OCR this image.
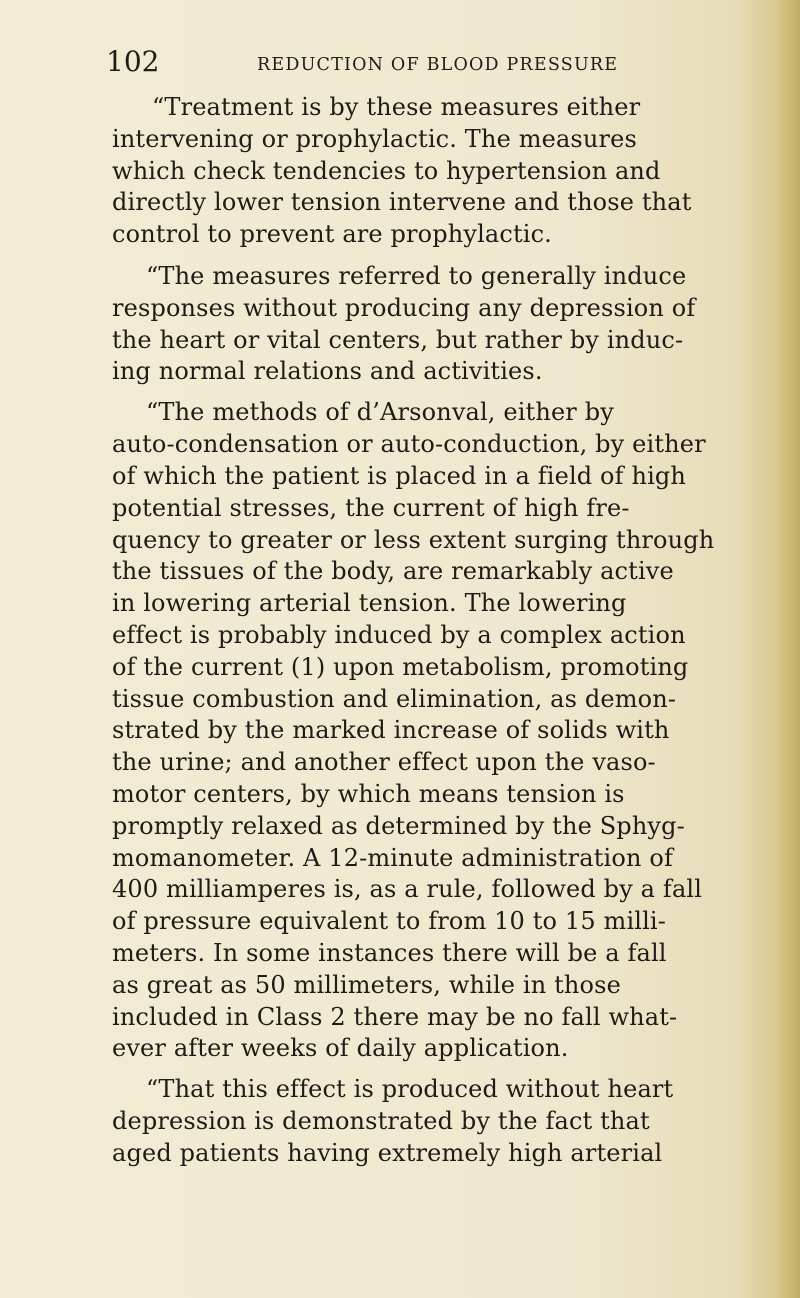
102	REDUCTION OF BLOOD PRESSURE
“Treatment is by these measures either
intervening or prophylactic. The measures
which check tendencies to hypertension and
directly lower tension intervene and those that
control to prevent are prophylactic.
“The measures referred to generally induce
responses without producing any depression of
the heart or vital centers, but rather by induc-
ing normal relations and activities.
“The methods of d’Arsonval, either by
auto-condensation or auto-conduction, by either
of which the patient is placed in a field of high
potential stresses, the current of high fre-
quency to greater or less extent surging through
the tissues of the body, are remarkably active
in lowering arterial tension. The lowering
effect is probably induced by a complex action
of the current (1) upon metabolism, promoting
tissue combustion and elimination, as demon-
strated by the marked increase of solids with
the urine; and another effect upon the vaso-
motor centers, by which means tension is
promptly relaxed as determined by the Sphyg-
momanometer. A 12-minute administration of
400 milliamperes is, as a rule, followed by a fall
of pressure equivalent to from 10 to 15 milli-
meters. In some instances there will be a fall
as great as 50 millimeters, while in those
included in Class 2 there may be no fall what-
ever after weeks of daily application.
“That this effect is produced without heart
depression is demonstrated by the fact that
aged patients having extremely high arterial
